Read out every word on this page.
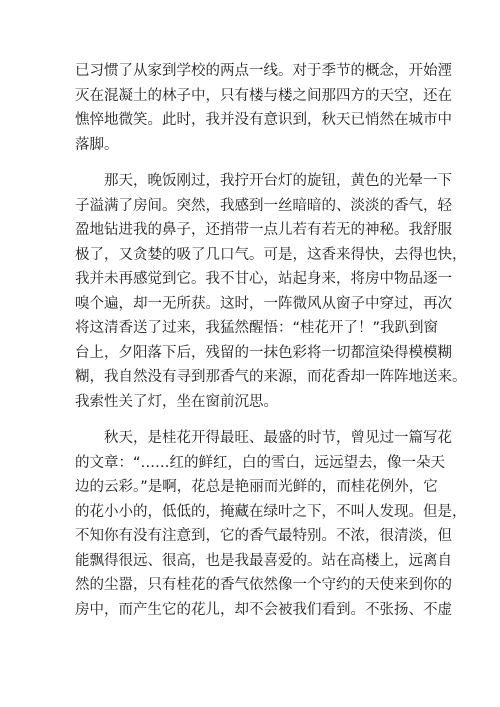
已习惯了从家到学校的两点一线。对于季节的概念，开始湮
灭在混凝土的林子中，只有楼与楼之间那四方的天空，还在
憔悴地微笑。此时，我并没有意识到，秋天已悄然在城市中
落脚。
　　那天，晚饭刚过，我拧开台灯的旋钮，黄色的光晕一下
子溢满了房间。突然，我感到一丝暗暗的、淡淡的香气，轻
盈地钻进我的鼻子，还捎带一点儿若有若无的神秘。我舒服
极了，又贪婪的吸了几口气。可是，这香来得快，去得也快，
我并未再感觉到它。我不甘心，站起身来，将房中物品逐一
嗅个遍，却一无所获。这时，一阵微风从窗子中穿过，再次
将这清香送了过来，我猛然醒悟：“桂花开了！”我趴到窗
台上，夕阳落下后，残留的一抹色彩将一切都渲染得模模糊
糊，我自然没有寻到那香气的来源，而花香却一阵阵地送来。
我索性关了灯，坐在窗前沉思。
　　秋天，是桂花开得最旺、最盛的时节，曾见过一篇写花
的文章：“……红的鲜红，白的雪白，远远望去，像一朵天
边的云彩。”是啊，花总是艳丽而光鲜的，而桂花例外，它
的花小小的，低低的，掩藏在绿叶之下，不叫人发现。但是，
不知你有没有注意到，它的香气最特别。不浓，很清淡，但
能飘得很远、很高，也是我最喜爱的。站在高楼上，远离自
然的尘嚣，只有桂花的香气依然像一个守约的天使来到你的
房中，而产生它的花儿，却不会被我们看到。不张扬、不虚
